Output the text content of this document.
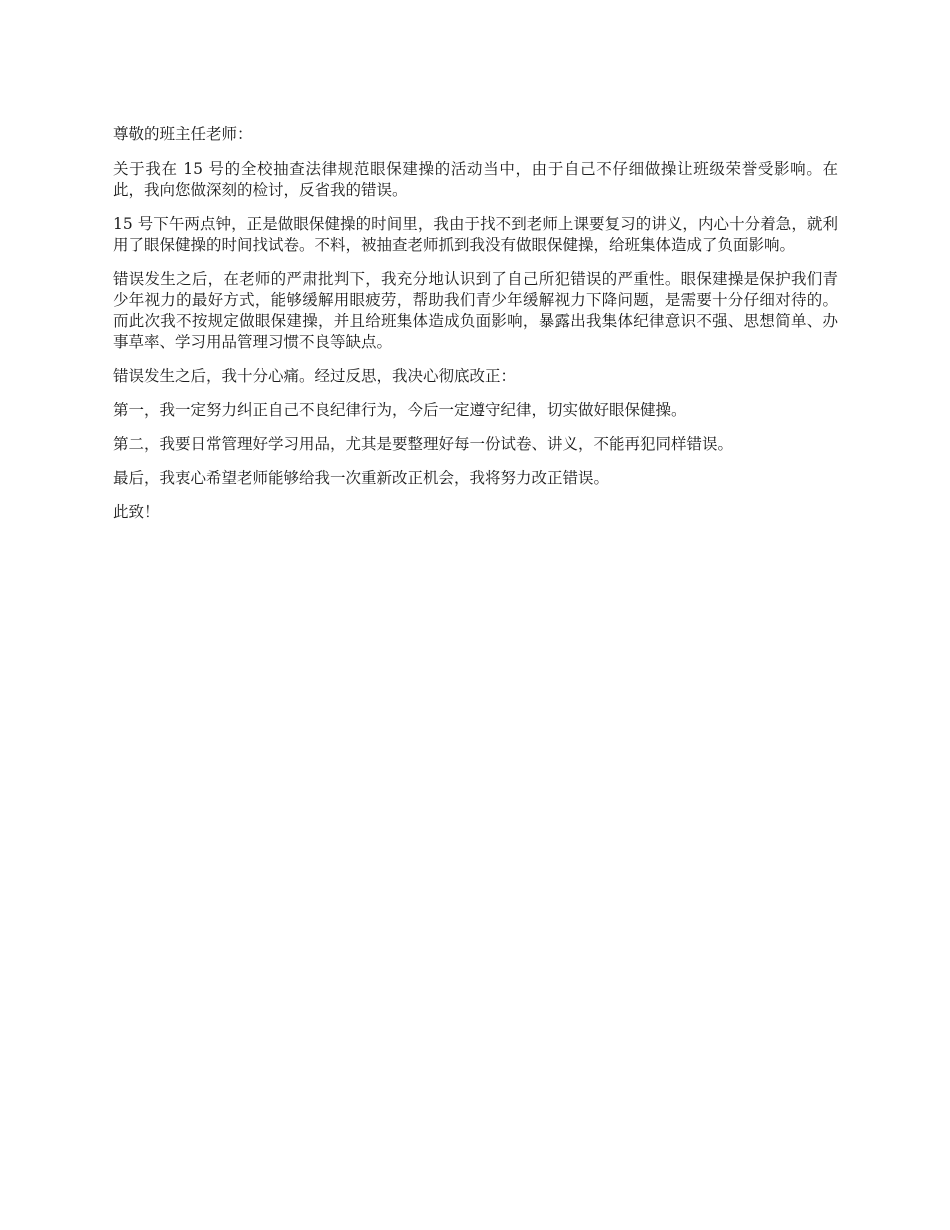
尊敬的班主任老师：

关于我在 15 号的全校抽查法律规范眼保建操的活动当中，由于自己不仔细做操让班级荣誉受影响。在此，我向您做深刻的检讨，反省我的错误。

15 号下午两点钟，正是做眼保健操的时间里，我由于找不到老师上课要复习的讲义，内心十分着急，就利用了眼保健操的时间找试卷。不料，被抽查老师抓到我没有做眼保健操，给班集体造成了负面影响。

错误发生之后，在老师的严肃批判下，我充分地认识到了自己所犯错误的严重性。眼保建操是保护我们青少年视力的最好方式，能够缓解用眼疲劳，帮助我们青少年缓解视力下降问题，是需要十分仔细对待的。而此次我不按规定做眼保建操，并且给班集体造成负面影响，暴露出我集体纪律意识不强、思想简单、办事草率、学习用品管理习惯不良等缺点。

错误发生之后，我十分心痛。经过反思，我决心彻底改正：

第一，我一定努力纠正自己不良纪律行为，今后一定遵守纪律，切实做好眼保健操。

第二，我要日常管理好学习用品，尤其是要整理好每一份试卷、讲义，不能再犯同样错误。

最后，我衷心希望老师能够给我一次重新改正机会，我将努力改正错误。

此致！
